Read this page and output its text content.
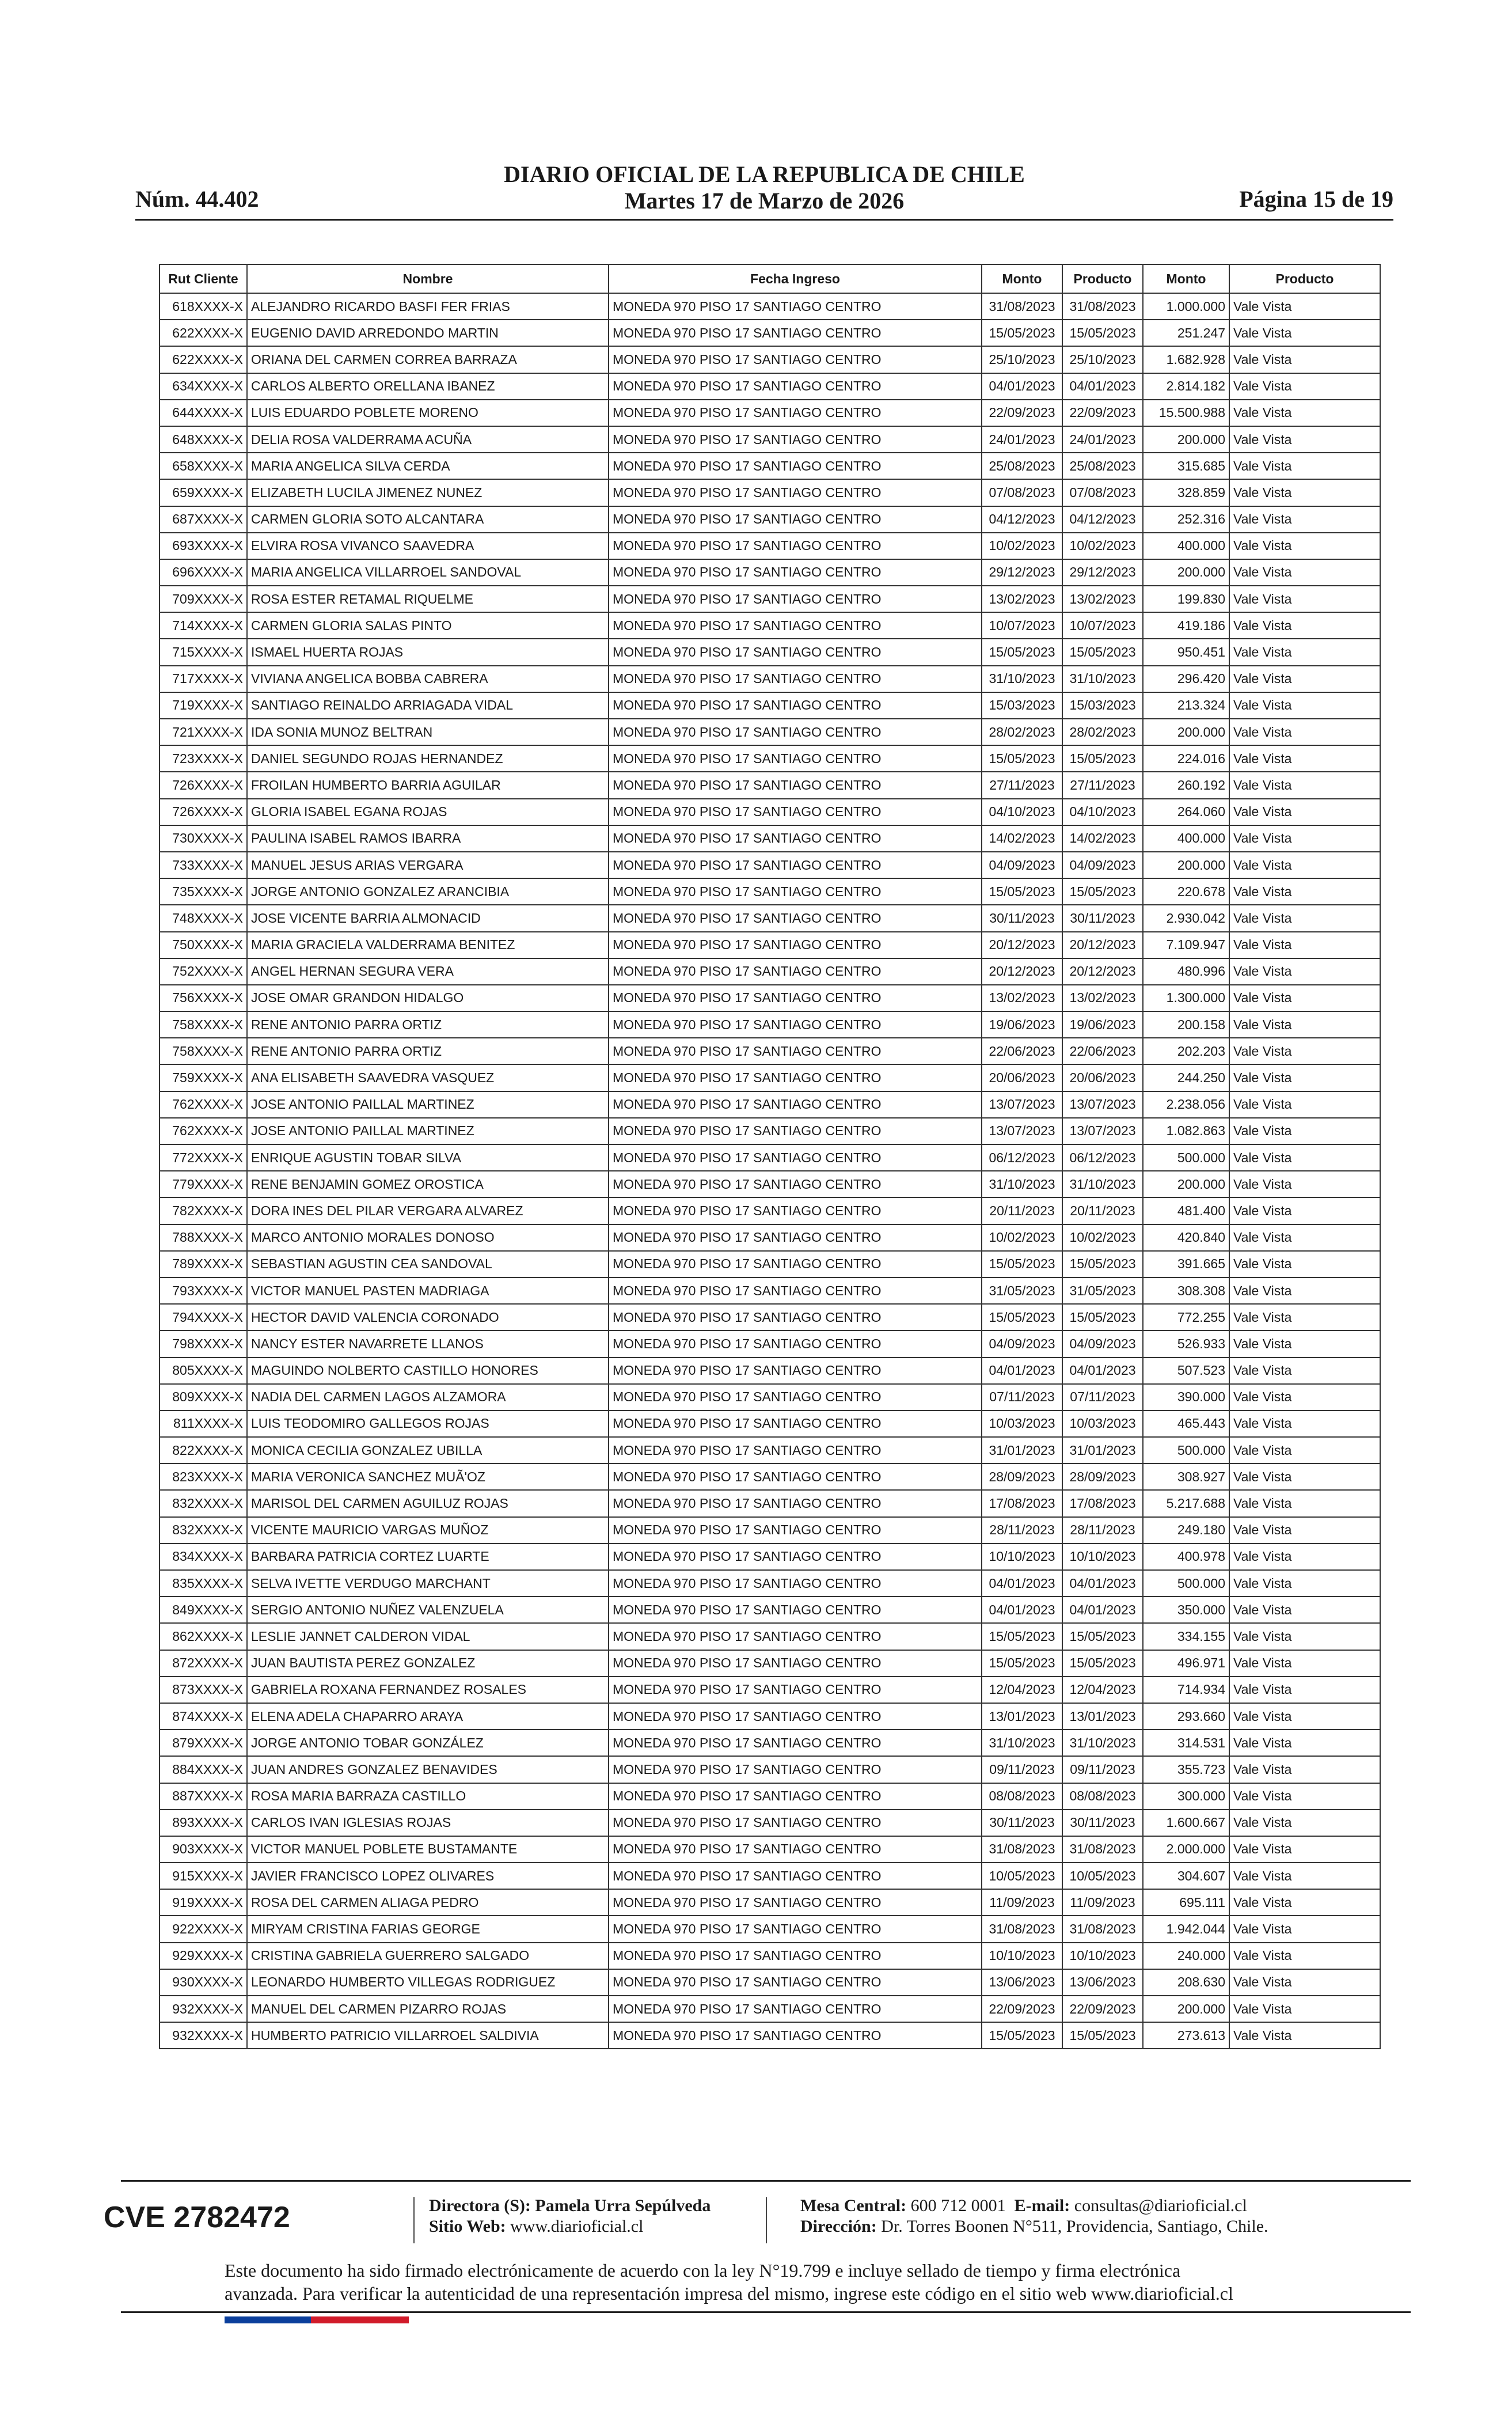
Núm. 44.402
DIARIO OFICIAL DE LA REPUBLICA DE CHILE
Martes 17 de Marzo de 2026	Página 15 de 19
Rut Cliente	Nombre	Fecha Ingreso	Monto	Producto	Monto	Producto
618XXXX-X	ALEJANDRO RICARDO BASFI FER FRIAS	MONEDA 970 PISO 17 SANTIAGO CENTRO	31/08/2023	31/08/2023	1.000.000	Vale Vista
622XXXX-X	EUGENIO DAVID ARREDONDO MARTIN	MONEDA 970 PISO 17 SANTIAGO CENTRO	15/05/2023	15/05/2023	251.247	Vale Vista
622XXXX-X	ORIANA DEL CARMEN CORREA BARRAZA	MONEDA 970 PISO 17 SANTIAGO CENTRO	25/10/2023	25/10/2023	1.682.928	Vale Vista
634XXXX-X	CARLOS ALBERTO ORELLANA IBANEZ	MONEDA 970 PISO 17 SANTIAGO CENTRO	04/01/2023	04/01/2023	2.814.182	Vale Vista
644XXXX-X	LUIS EDUARDO POBLETE MORENO	MONEDA 970 PISO 17 SANTIAGO CENTRO	22/09/2023	22/09/2023	15.500.988	Vale Vista
648XXXX-X	DELIA ROSA VALDERRAMA ACUÑA	MONEDA 970 PISO 17 SANTIAGO CENTRO	24/01/2023	24/01/2023	200.000	Vale Vista
658XXXX-X	MARIA ANGELICA SILVA CERDA	MONEDA 970 PISO 17 SANTIAGO CENTRO	25/08/2023	25/08/2023	315.685	Vale Vista
659XXXX-X	ELIZABETH LUCILA JIMENEZ NUNEZ	MONEDA 970 PISO 17 SANTIAGO CENTRO	07/08/2023	07/08/2023	328.859	Vale Vista
687XXXX-X	CARMEN GLORIA SOTO ALCANTARA	MONEDA 970 PISO 17 SANTIAGO CENTRO	04/12/2023	04/12/2023	252.316	Vale Vista
693XXXX-X	ELVIRA ROSA VIVANCO SAAVEDRA	MONEDA 970 PISO 17 SANTIAGO CENTRO	10/02/2023	10/02/2023	400.000	Vale Vista
696XXXX-X	MARIA ANGELICA VILLARROEL SANDOVAL	MONEDA 970 PISO 17 SANTIAGO CENTRO	29/12/2023	29/12/2023	200.000	Vale Vista
709XXXX-X	ROSA ESTER RETAMAL RIQUELME	MONEDA 970 PISO 17 SANTIAGO CENTRO	13/02/2023	13/02/2023	199.830	Vale Vista
714XXXX-X	CARMEN GLORIA SALAS PINTO	MONEDA 970 PISO 17 SANTIAGO CENTRO	10/07/2023	10/07/2023	419.186	Vale Vista
715XXXX-X	ISMAEL HUERTA ROJAS	MONEDA 970 PISO 17 SANTIAGO CENTRO	15/05/2023	15/05/2023	950.451	Vale Vista
717XXXX-X	VIVIANA ANGELICA BOBBA CABRERA	MONEDA 970 PISO 17 SANTIAGO CENTRO	31/10/2023	31/10/2023	296.420	Vale Vista
719XXXX-X	SANTIAGO REINALDO ARRIAGADA VIDAL	MONEDA 970 PISO 17 SANTIAGO CENTRO	15/03/2023	15/03/2023	213.324	Vale Vista
721XXXX-X	IDA SONIA MUNOZ BELTRAN	MONEDA 970 PISO 17 SANTIAGO CENTRO	28/02/2023	28/02/2023	200.000	Vale Vista
723XXXX-X	DANIEL SEGUNDO ROJAS HERNANDEZ	MONEDA 970 PISO 17 SANTIAGO CENTRO	15/05/2023	15/05/2023	224.016	Vale Vista
726XXXX-X	FROILAN HUMBERTO BARRIA AGUILAR	MONEDA 970 PISO 17 SANTIAGO CENTRO	27/11/2023	27/11/2023	260.192	Vale Vista
726XXXX-X	GLORIA ISABEL EGANA ROJAS	MONEDA 970 PISO 17 SANTIAGO CENTRO	04/10/2023	04/10/2023	264.060	Vale Vista
730XXXX-X	PAULINA ISABEL RAMOS IBARRA	MONEDA 970 PISO 17 SANTIAGO CENTRO	14/02/2023	14/02/2023	400.000	Vale Vista
733XXXX-X	MANUEL JESUS ARIAS VERGARA	MONEDA 970 PISO 17 SANTIAGO CENTRO	04/09/2023	04/09/2023	200.000	Vale Vista
735XXXX-X	JORGE ANTONIO GONZALEZ ARANCIBIA	MONEDA 970 PISO 17 SANTIAGO CENTRO	15/05/2023	15/05/2023	220.678	Vale Vista
748XXXX-X	JOSE VICENTE BARRIA ALMONACID	MONEDA 970 PISO 17 SANTIAGO CENTRO	30/11/2023	30/11/2023	2.930.042	Vale Vista
750XXXX-X	MARIA GRACIELA VALDERRAMA BENITEZ	MONEDA 970 PISO 17 SANTIAGO CENTRO	20/12/2023	20/12/2023	7.109.947	Vale Vista
752XXXX-X	ANGEL HERNAN SEGURA VERA	MONEDA 970 PISO 17 SANTIAGO CENTRO	20/12/2023	20/12/2023	480.996	Vale Vista
756XXXX-X	JOSE OMAR GRANDON HIDALGO	MONEDA 970 PISO 17 SANTIAGO CENTRO	13/02/2023	13/02/2023	1.300.000	Vale Vista
758XXXX-X	RENE ANTONIO PARRA ORTIZ	MONEDA 970 PISO 17 SANTIAGO CENTRO	19/06/2023	19/06/2023	200.158	Vale Vista
758XXXX-X	RENE ANTONIO PARRA ORTIZ	MONEDA 970 PISO 17 SANTIAGO CENTRO	22/06/2023	22/06/2023	202.203	Vale Vista
759XXXX-X	ANA ELISABETH SAAVEDRA VASQUEZ	MONEDA 970 PISO 17 SANTIAGO CENTRO	20/06/2023	20/06/2023	244.250	Vale Vista
762XXXX-X	JOSE ANTONIO PAILLAL MARTINEZ	MONEDA 970 PISO 17 SANTIAGO CENTRO	13/07/2023	13/07/2023	2.238.056	Vale Vista
762XXXX-X	JOSE ANTONIO PAILLAL MARTINEZ	MONEDA 970 PISO 17 SANTIAGO CENTRO	13/07/2023	13/07/2023	1.082.863	Vale Vista
772XXXX-X	ENRIQUE AGUSTIN TOBAR SILVA	MONEDA 970 PISO 17 SANTIAGO CENTRO	06/12/2023	06/12/2023	500.000	Vale Vista
779XXXX-X	RENE BENJAMIN GOMEZ OROSTICA	MONEDA 970 PISO 17 SANTIAGO CENTRO	31/10/2023	31/10/2023	200.000	Vale Vista
782XXXX-X	DORA INES DEL PILAR VERGARA ALVAREZ	MONEDA 970 PISO 17 SANTIAGO CENTRO	20/11/2023	20/11/2023	481.400	Vale Vista
788XXXX-X	MARCO ANTONIO MORALES DONOSO	MONEDA 970 PISO 17 SANTIAGO CENTRO	10/02/2023	10/02/2023	420.840	Vale Vista
789XXXX-X	SEBASTIAN AGUSTIN CEA SANDOVAL	MONEDA 970 PISO 17 SANTIAGO CENTRO	15/05/2023	15/05/2023	391.665	Vale Vista
793XXXX-X	VICTOR MANUEL PASTEN MADRIAGA	MONEDA 970 PISO 17 SANTIAGO CENTRO	31/05/2023	31/05/2023	308.308	Vale Vista
794XXXX-X	HECTOR DAVID VALENCIA CORONADO	MONEDA 970 PISO 17 SANTIAGO CENTRO	15/05/2023	15/05/2023	772.255	Vale Vista
798XXXX-X	NANCY ESTER NAVARRETE LLANOS	MONEDA 970 PISO 17 SANTIAGO CENTRO	04/09/2023	04/09/2023	526.933	Vale Vista
805XXXX-X	MAGUINDO NOLBERTO CASTILLO HONORES	MONEDA 970 PISO 17 SANTIAGO CENTRO	04/01/2023	04/01/2023	507.523	Vale Vista
809XXXX-X	NADIA DEL CARMEN LAGOS ALZAMORA	MONEDA 970 PISO 17 SANTIAGO CENTRO	07/11/2023	07/11/2023	390.000	Vale Vista
811XXXX-X	LUIS TEODOMIRO GALLEGOS ROJAS	MONEDA 970 PISO 17 SANTIAGO CENTRO	10/03/2023	10/03/2023	465.443	Vale Vista
822XXXX-X	MONICA CECILIA GONZALEZ UBILLA	MONEDA 970 PISO 17 SANTIAGO CENTRO	31/01/2023	31/01/2023	500.000	Vale Vista
823XXXX-X	MARIA VERONICA SANCHEZ MUÃ'OZ	MONEDA 970 PISO 17 SANTIAGO CENTRO	28/09/2023	28/09/2023	308.927	Vale Vista
832XXXX-X	MARISOL DEL CARMEN AGUILUZ ROJAS	MONEDA 970 PISO 17 SANTIAGO CENTRO	17/08/2023	17/08/2023	5.217.688	Vale Vista
832XXXX-X	VICENTE MAURICIO VARGAS MUÑOZ	MONEDA 970 PISO 17 SANTIAGO CENTRO	28/11/2023	28/11/2023	249.180	Vale Vista
834XXXX-X	BARBARA PATRICIA CORTEZ LUARTE	MONEDA 970 PISO 17 SANTIAGO CENTRO	10/10/2023	10/10/2023	400.978	Vale Vista
835XXXX-X	SELVA IVETTE VERDUGO MARCHANT	MONEDA 970 PISO 17 SANTIAGO CENTRO	04/01/2023	04/01/2023	500.000	Vale Vista
849XXXX-X	SERGIO ANTONIO NUÑEZ VALENZUELA	MONEDA 970 PISO 17 SANTIAGO CENTRO	04/01/2023	04/01/2023	350.000	Vale Vista
862XXXX-X	LESLIE JANNET CALDERON VIDAL	MONEDA 970 PISO 17 SANTIAGO CENTRO	15/05/2023	15/05/2023	334.155	Vale Vista
872XXXX-X	JUAN BAUTISTA PEREZ GONZALEZ	MONEDA 970 PISO 17 SANTIAGO CENTRO	15/05/2023	15/05/2023	496.971	Vale Vista
873XXXX-X	GABRIELA ROXANA FERNANDEZ ROSALES	MONEDA 970 PISO 17 SANTIAGO CENTRO	12/04/2023	12/04/2023	714.934	Vale Vista
874XXXX-X	ELENA ADELA CHAPARRO ARAYA	MONEDA 970 PISO 17 SANTIAGO CENTRO	13/01/2023	13/01/2023	293.660	Vale Vista
879XXXX-X	JORGE ANTONIO TOBAR GONZÁLEZ	MONEDA 970 PISO 17 SANTIAGO CENTRO	31/10/2023	31/10/2023	314.531	Vale Vista
884XXXX-X	JUAN ANDRES GONZALEZ BENAVIDES	MONEDA 970 PISO 17 SANTIAGO CENTRO	09/11/2023	09/11/2023	355.723	Vale Vista
887XXXX-X	ROSA MARIA BARRAZA CASTILLO	MONEDA 970 PISO 17 SANTIAGO CENTRO	08/08/2023	08/08/2023	300.000	Vale Vista
893XXXX-X	CARLOS IVAN IGLESIAS ROJAS	MONEDA 970 PISO 17 SANTIAGO CENTRO	30/11/2023	30/11/2023	1.600.667	Vale Vista
903XXXX-X	VICTOR MANUEL POBLETE BUSTAMANTE	MONEDA 970 PISO 17 SANTIAGO CENTRO	31/08/2023	31/08/2023	2.000.000	Vale Vista
915XXXX-X	JAVIER FRANCISCO LOPEZ OLIVARES	MONEDA 970 PISO 17 SANTIAGO CENTRO	10/05/2023	10/05/2023	304.607	Vale Vista
919XXXX-X	ROSA DEL CARMEN ALIAGA PEDRO	MONEDA 970 PISO 17 SANTIAGO CENTRO	11/09/2023	11/09/2023	695.111	Vale Vista
922XXXX-X	MIRYAM CRISTINA FARIAS GEORGE	MONEDA 970 PISO 17 SANTIAGO CENTRO	31/08/2023	31/08/2023	1.942.044	Vale Vista
929XXXX-X	CRISTINA GABRIELA GUERRERO SALGADO	MONEDA 970 PISO 17 SANTIAGO CENTRO	10/10/2023	10/10/2023	240.000	Vale Vista
930XXXX-X	LEONARDO HUMBERTO VILLEGAS RODRIGUEZ	MONEDA 970 PISO 17 SANTIAGO CENTRO	13/06/2023	13/06/2023	208.630	Vale Vista
932XXXX-X	MANUEL DEL CARMEN PIZARRO ROJAS	MONEDA 970 PISO 17 SANTIAGO CENTRO	22/09/2023	22/09/2023	200.000	Vale Vista
932XXXX-X	HUMBERTO PATRICIO VILLARROEL SALDIVIA	MONEDA 970 PISO 17 SANTIAGO CENTRO	15/05/2023	15/05/2023	273.613	Vale Vista
CVE 2782472	Directora (S): Pamela Urra Sepúlveda
Sitio Web: www.diarioficial.cl
Mesa Central: 600 712 0001 E-mail: consultas@diarioficial.cl
Dirección: Dr. Torres Boonen N°511, Providencia, Santiago, Chile.
Este documento ha sido firmado electrónicamente de acuerdo con la ley N°19.799 e incluye sellado de tiempo y firma electrónica
avanzada. Para verificar la autenticidad de una representación impresa del mismo, ingrese este código en el sitio web www.diarioficial.cl
